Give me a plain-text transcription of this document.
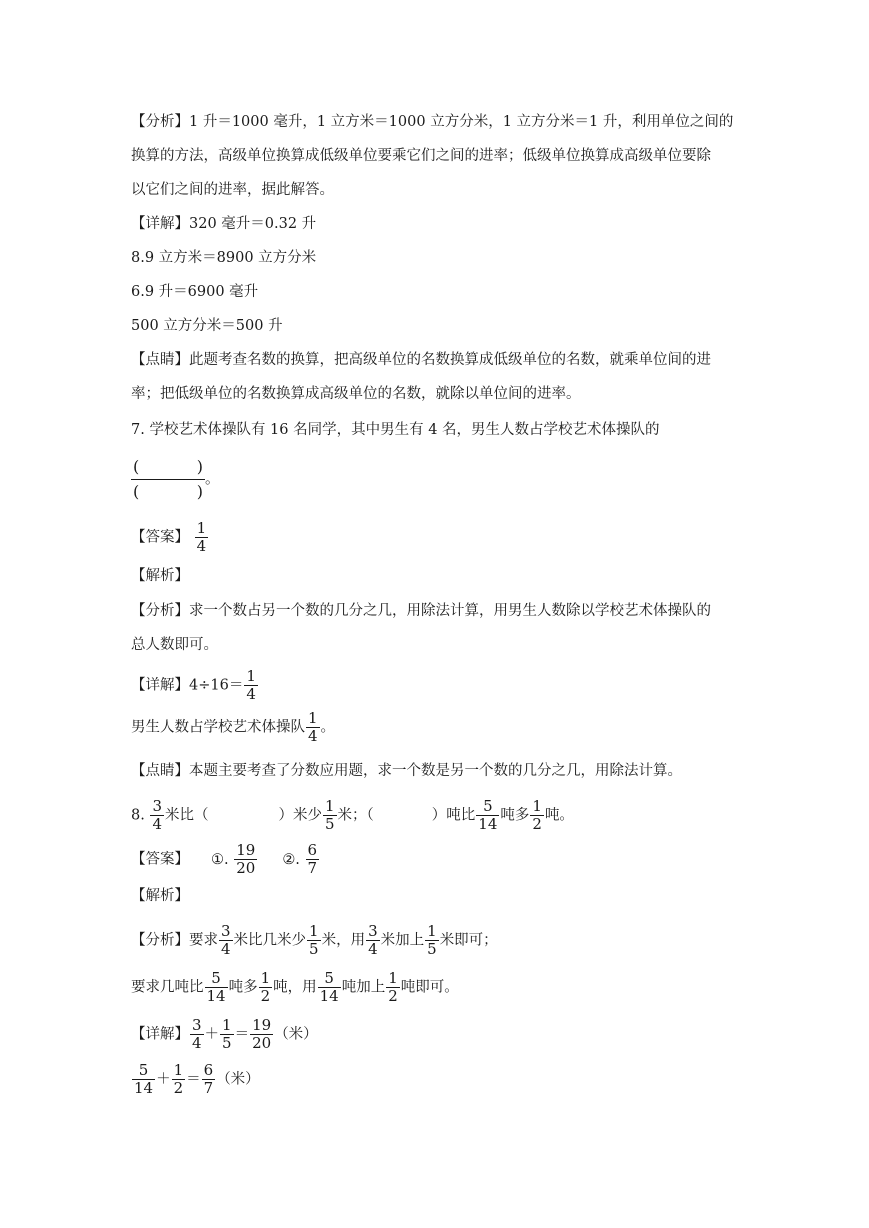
【分析】1 升＝1000 毫升，1 立方米＝1000 立方分米，1 立方分米＝1 升，利用单位之间的
换算的方法，高级单位换算成低级单位要乘它们之间的进率；低级单位换算成高级单位要除
以它们之间的进率，据此解答。
【详解】320 毫升＝0.32 升
8.9 立方米＝8900 立方分米
6.9 升＝6900 毫升
500 立方分米＝500 升
【点睛】此题考查名数的换算，把高级单位的名数换算成低级单位的名数，就乘单位间的进
率；把低级单位的名数换算成高级单位的名数，就除以单位间的进率。
7. 学校艺术体操队有 16 名同学，其中男生有 4 名，男生人数占学校艺术体操队的
(	)
(	) 。
【答案】 $\frac{1}{4}$
【解析】
【分析】求一个数占另一个数的几分之几，用除法计算，用男生人数除以学校艺术体操队的
总人数即可。
【详解】$4\div 16= \frac{1}{4}$
男生人数占学校艺术体操队 $\frac{1}{4}$ 。
【点睛】本题主要考查了分数应用题，求一个数是另一个数的几分之几，用除法计算。
8. $\frac{3}{4}$ 米比（	）米少 $\frac{1}{5}$ 米；（	）吨比 $\frac{5}{14}$ 吨多 $\frac{1}{2}$ 吨。
【答案】 ①. $\frac{19}{20}$ ②. $\frac{6}{7}$
【解析】
【分析】要求 $\frac{3}{4}$ 米比几米少 $\frac{1}{5}$ 米，用 $\frac{3}{4}$ 米加上 $\frac{1}{5}$ 米即可；
要求几吨比 $\frac{5}{14}$ 吨多 $\frac{1}{2}$ 吨，用 $\frac{5}{14}$ 吨加上 $\frac{1}{2}$ 吨即可。
【详解】 $\frac{3}{4} + \frac{1}{5} = \frac{19}{20}$ （米）
$\frac{5}{14} + \frac{1}{2} = \frac{6}{7}$ （米）
